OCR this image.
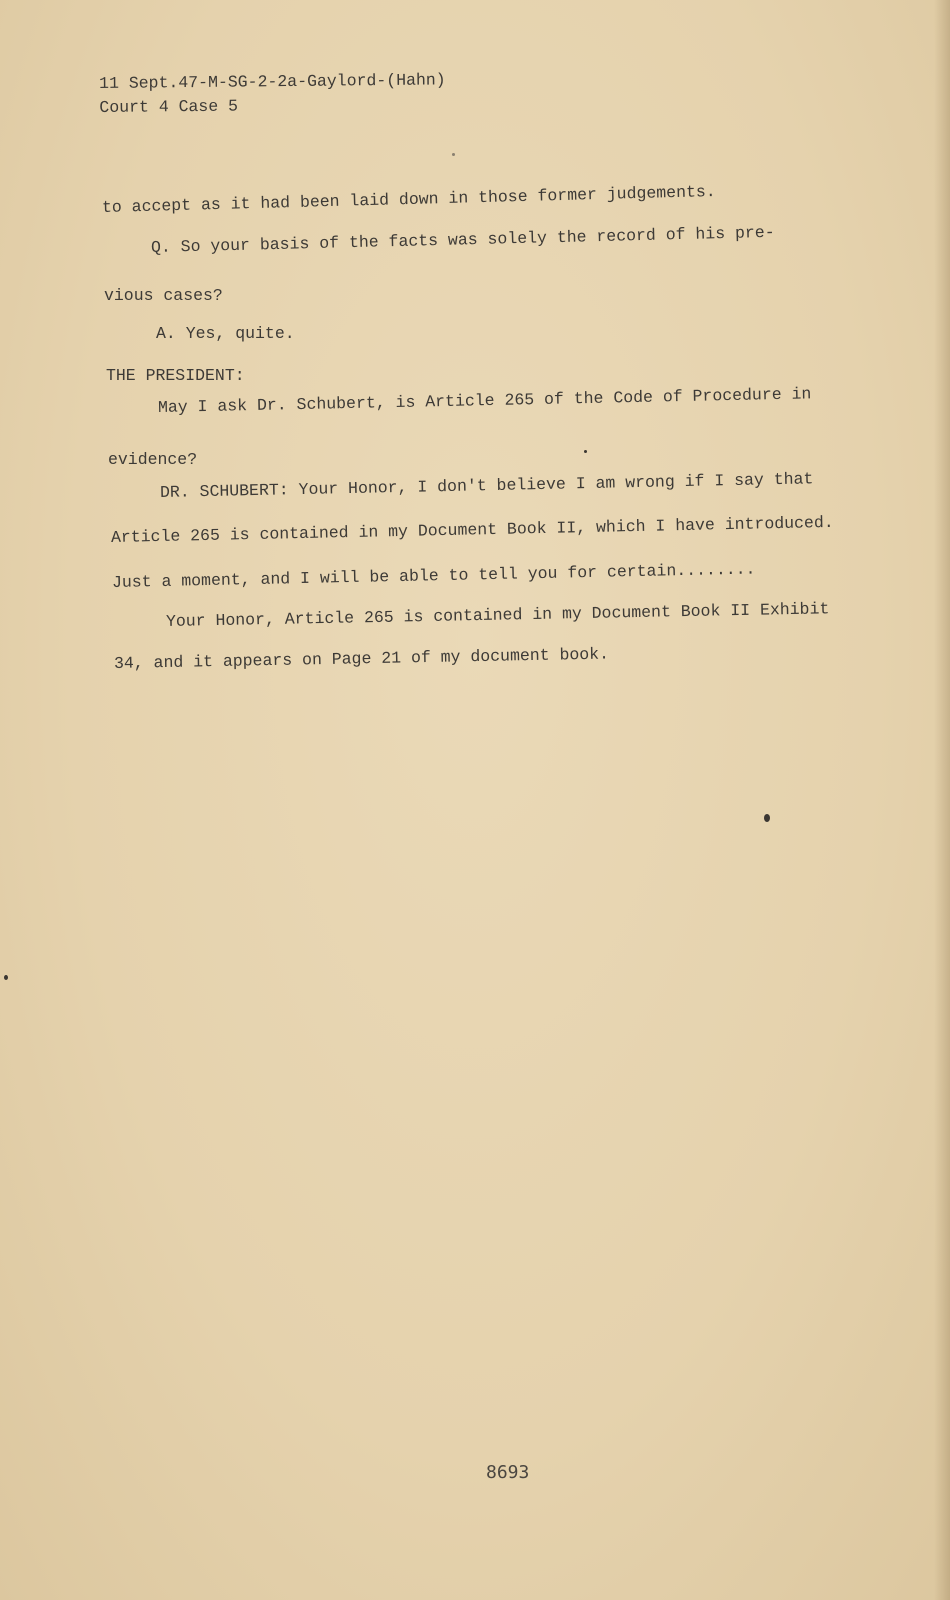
11 Sept.47-M-SG-2-2a-Gaylord-(Hahn)
Court 4 Case 5
to accept as it had been laid down in those former judgements.
Q. So your basis of the facts was solely the record of his pre-
vious cases?
A. Yes, quite.
THE PRESIDENT:
May I ask Dr. Schubert, is Article 265 of the Code of Procedure in
evidence?
DR. SCHUBERT: Your Honor, I don't believe I am wrong if I say that
Article 265 is contained in my Document Book II, which I have introduced.
Just a moment, and I will be able to tell you for certain........
Your Honor, Article 265 is contained in my Document Book II Exhibit
34, and it appears on Page 21 of my document book.
8693
